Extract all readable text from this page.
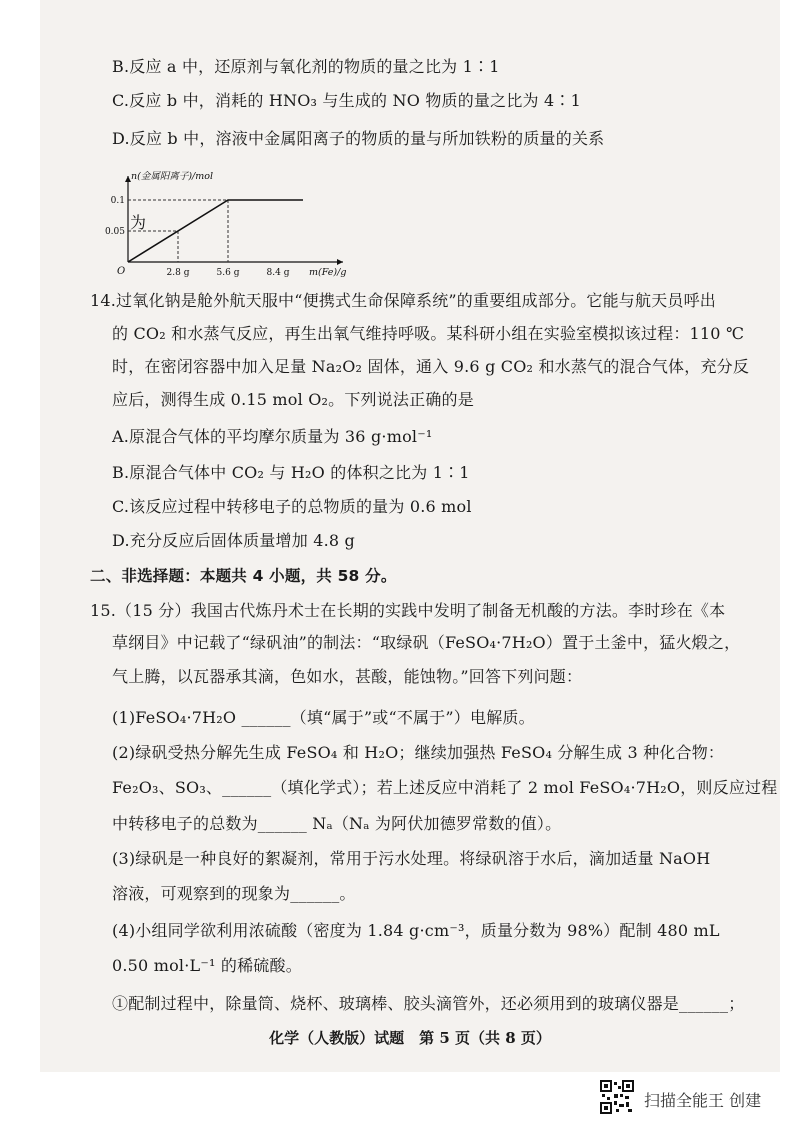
B.反应 a 中，还原剂与氧化剂的物质的量之比为 1∶1
C.反应 b 中，消耗的 HNO₃ 与生成的 NO 物质的量之比为 4∶1
D.反应 b 中，溶液中金属阳离子的物质的量与所加铁粉的质量的关系
n(金属阳离子)/mol
m(Fe)/g
O	2.8 g	5.6 g	8.4 g
0.05
0.1
为
14.过氧化钠是舱外航天服中“便携式生命保障系统”的重要组成部分。它能与航天员呼出
的 CO₂ 和水蒸气反应，再生出氧气维持呼吸。某科研小组在实验室模拟该过程：110 ℃
时，在密闭容器中加入足量 Na₂O₂ 固体，通入 9.6 g CO₂ 和水蒸气的混合气体，充分反
应后，测得生成 0.15 mol O₂。下列说法正确的是
A.原混合气体的平均摩尔质量为 36 g·mol⁻¹
B.原混合气体中 CO₂ 与 H₂O 的体积之比为 1∶1
C.该反应过程中转移电子的总物质的量为 0.6 mol
D.充分反应后固体质量增加 4.8 g
二、非选择题：本题共 4 小题，共 58 分。
15.（15 分）我国古代炼丹术士在长期的实践中发明了制备无机酸的方法。李时珍在《本
草纲目》中记载了“绿矾油”的制法：“取绿矾（FeSO₄·7H₂O）置于土釜中，猛火煅之，
气上腾，以瓦器承其滴，色如水，甚酸，能蚀物。”回答下列问题：
(1)FeSO₄·7H₂O ______（填“属于”或“不属于”）电解质。
(2)绿矾受热分解先生成 FeSO₄ 和 H₂O；继续加强热 FeSO₄ 分解生成 3 种化合物：
Fe₂O₃、SO₃、______（填化学式）；若上述反应中消耗了 2 mol FeSO₄·7H₂O，则反应过程
中转移电子的总数为______ Nₐ（Nₐ 为阿伏加德罗常数的值）。
(3)绿矾是一种良好的絮凝剂，常用于污水处理。将绿矾溶于水后，滴加适量 NaOH
溶液，可观察到的现象为______。
(4)小组同学欲利用浓硫酸（密度为 1.84 g·cm⁻³，质量分数为 98%）配制 480 mL
0.50 mol·L⁻¹ 的稀硫酸。
①配制过程中，除量筒、烧杯、玻璃棒、胶头滴管外，还必须用到的玻璃仪器是______；
化学（人教版）试题　第 5 页（共 8 页）
扫描全能王 创建
